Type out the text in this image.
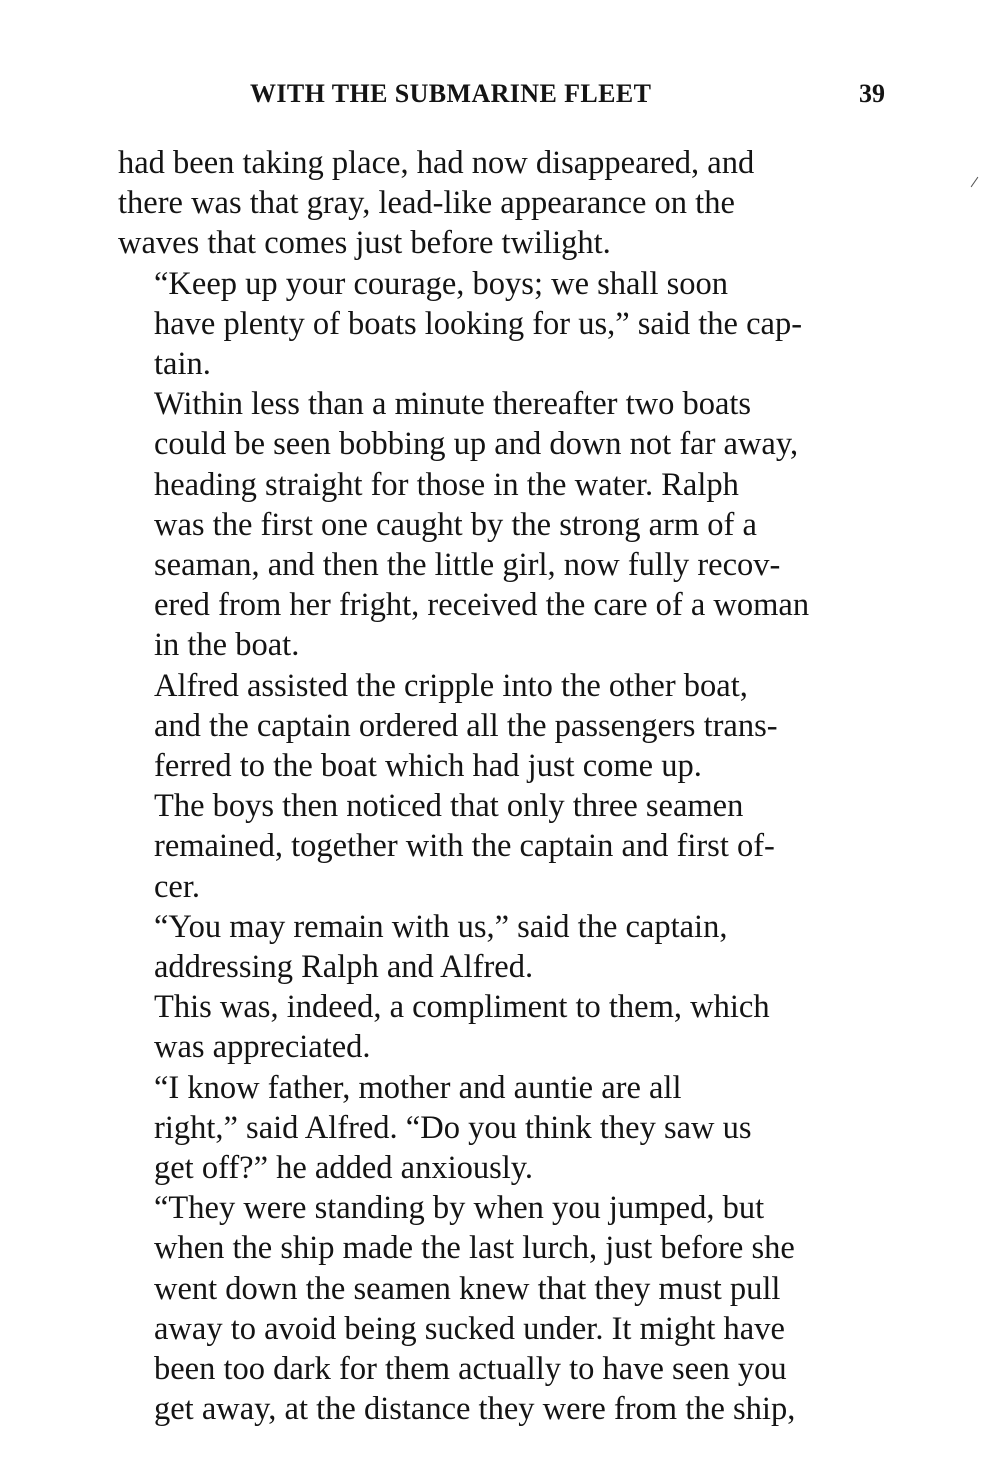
WITH THE SUBMARINE FLEET	39

had been taking place, had now disappeared, and
there was that gray, lead-like appearance on the
waves that comes just before twilight.

“Keep up your courage, boys; we shall soon
have plenty of boats looking for us,” said the cap-
tain.

Within less than a minute thereafter two boats
could be seen bobbing up and down not far away,
heading straight for those in the water. Ralph
was the first one caught by the strong arm of a
seaman, and then the little girl, now fully recov-
ered from her fright, received the care of a woman
in the boat.

Alfred assisted the cripple into the other boat,
and the captain ordered all the passengers trans-
ferred to the boat which had just come up.

The boys then noticed that only three seamen
remained, together with the captain and first of-
cer.

“You may remain with us,” said the captain,
addressing Ralph and Alfred.

This was, indeed, a compliment to them, which
was appreciated.

“I know father, mother and auntie are all
right,” said Alfred. “Do you think they saw us
get off?” he added anxiously.

“They were standing by when you jumped, but
when the ship made the last lurch, just before she
went down the seamen knew that they must pull
away to avoid being sucked under. It might have
been too dark for them actually to have seen you
get away, at the distance they were from the ship,
